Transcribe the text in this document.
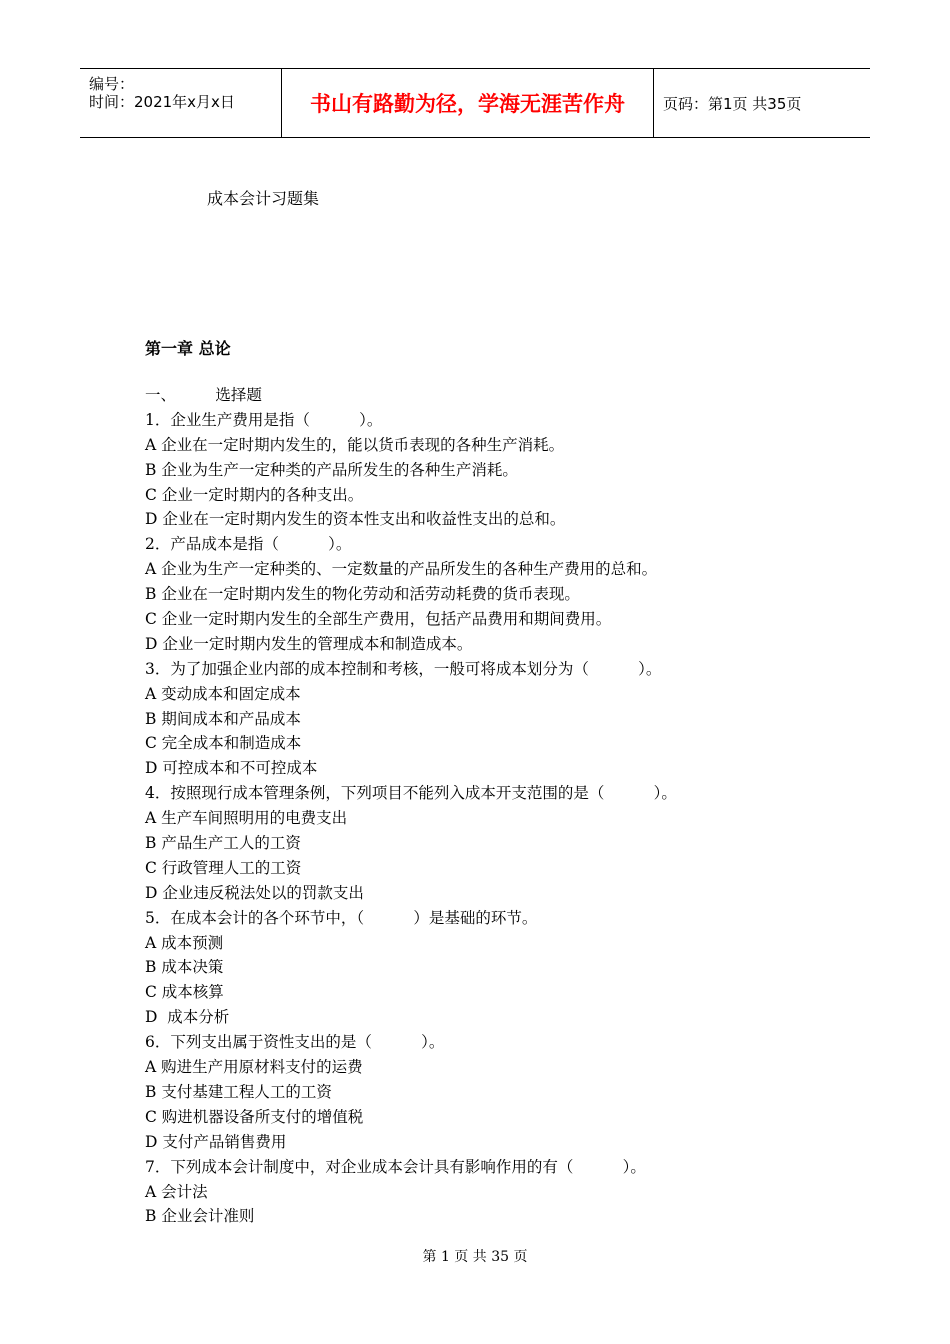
编号：
时间：2021年x月x日	书山有路勤为径，学海无涯苦作舟	页码：第1页 共35页
成本会计习题集
第一章 总论
一、        选择题
1．企业生产费用是指（          ）。
A 企业在一定时期内发生的，能以货币表现的各种生产消耗。
B 企业为生产一定种类的产品所发生的各种生产消耗。
C 企业一定时期内的各种支出。
D 企业在一定时期内发生的资本性支出和收益性支出的总和。
2．产品成本是指（          ）。
A 企业为生产一定种类的、一定数量的产品所发生的各种生产费用的总和。
B 企业在一定时期内发生的物化劳动和活劳动耗费的货币表现。
C 企业一定时期内发生的全部生产费用，包括产品费用和期间费用。
D 企业一定时期内发生的管理成本和制造成本。
3．为了加强企业内部的成本控制和考核，一般可将成本划分为（          ）。
A 变动成本和固定成本
B 期间成本和产品成本
C 完全成本和制造成本
D 可控成本和不可控成本
4．按照现行成本管理条例，下列项目不能列入成本开支范围的是（          ）。
A 生产车间照明用的电费支出
B 产品生产工人的工资
C 行政管理人工的工资
D 企业违反税法处以的罚款支出
5．在成本会计的各个环节中，（          ）是基础的环节。
A 成本预测
B 成本决策
C 成本核算
D  成本分析
6．下列支出属于资性支出的是（          ）。
A 购进生产用原材料支付的运费
B 支付基建工程人工的工资
C 购进机器设备所支付的增值税
D 支付产品销售费用
7．下列成本会计制度中，对企业成本会计具有影响作用的有（          ）。
A 会计法
B 企业会计准则
第 1 页 共 35 页
